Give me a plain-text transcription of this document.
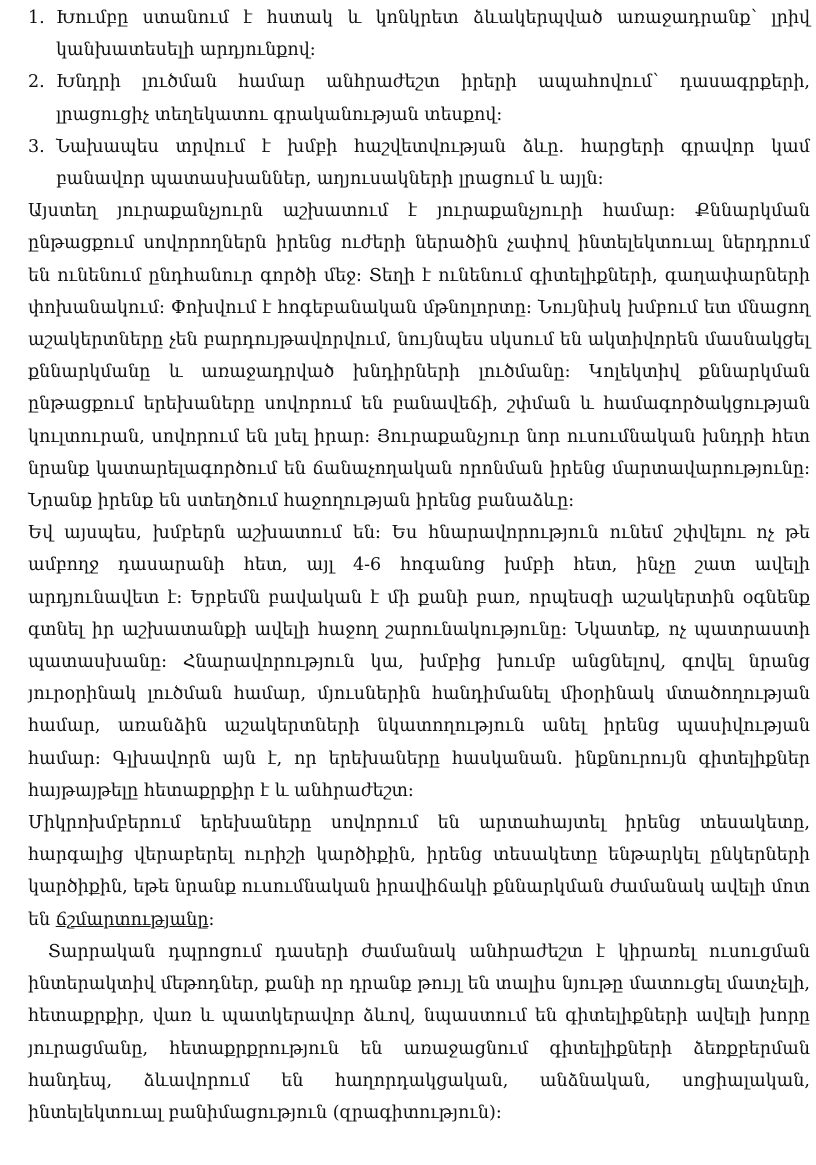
1. Խումբը ստանում է հստակ և կոնկրետ ձևակերպված առաջադրանք՝ լրիվ կանխատեսելի արդյունքով:
2. Խնդրի լուծման համար անհրաժեշտ իրերի ապահովում՝ դասագրքերի, լրացուցիչ տեղեկատու գրականության տեսքով:
3. Նախապես տրվում է խմբի հաշվետվության ձևը. հարցերի գրավոր կամ բանավոր պատասխաններ, աղյուսակների լրացում և այլն:

Այստեղ յուրաքանչյուրն աշխատում է յուրաքանչյուրի համար: Քննարկման ընթացքում սովորողներն իրենց ուժերի ներածին չափով ինտելեկտուալ ներդրում են ունենում ընդհանուր գործի մեջ: Տեղի է ունենում գիտելիքների, գաղափարների փոխանակում: Փոխվում է հոգեբանական մթնոլորտը: Նույնիսկ խմբում ետ մնացող աշակերտները չեն բարդույթավորվում, նույնպես սկսում են ակտիվորեն մասնակցել քննարկմանը և առաջադրված խնդիրների լուծմանը: Կոլեկտիվ քննարկման ընթացքում երեխաները սովորում են բանավեճի, շփման և համագործակցության կուլտուրան, սովորում են լսել իրար: Յուրաքանչյուր նոր ուսումնական խնդրի հետ նրանք կատարելագործում են ճանաչողական որոնման իրենց մարտավարությունը: Նրանք իրենք են ստեղծում հաջողության իրենց բանաձևը:

Եվ այսպես, խմբերն աշխատում են: Ես հնարավորություն ունեմ շփվելու ոչ թե ամբողջ դասարանի հետ, այլ 4-6 հոգանոց խմբի հետ, ինչը շատ ավելի արդյունավետ է: Երբեմն բավական է մի քանի բառ, որպեսզի աշակերտին օգնենք գտնել իր աշխատանքի ավելի հաջող շարունակությունը: Նկատեք, ոչ պատրաստի պատասխանը: Հնարավորություն կա, խմբից խումբ անցնելով, գովել նրանց յուրօրինակ լուծման համար, մյուսներին հանդիմանել միօրինակ մտածողության համար, առանձին աշակերտների նկատողություն անել իրենց պասիվության համար: Գլխավորն այն է, որ երեխաները հասկանան. ինքնուրույն գիտելիքներ հայթայթելը հետաքրքիր է և անհրաժեշտ:

Միկրոխմբերում երեխաները սովորում են արտահայտել իրենց տեսակետը, հարգալից վերաբերել ուրիշի կարծիքին, իրենց տեսակետը ենթարկել ընկերների կարծիքին, եթե նրանք ուսումնական իրավիճակի քննարկման ժամանակ ավելի մոտ են ճշմարտությանը:

Տարրական դպրոցում դասերի ժամանակ անհրաժեշտ է կիրառել ուսուցման ինտերակտիվ մեթոդներ, քանի որ դրանք թույլ են տալիս նյութը մատուցել մատչելի, հետաքրքիր, վառ և պատկերավոր ձևով, նպաստում են գիտելիքների ավելի խորը յուրացմանը, հետաքրքրություն են առաջացնում գիտելիքների ձեռքբերման հանդեպ, ձևավորում են հաղորդակցական, անձնական, սոցիալական, ինտելեկտուալ բանիմացություն (զրագիտություն):
